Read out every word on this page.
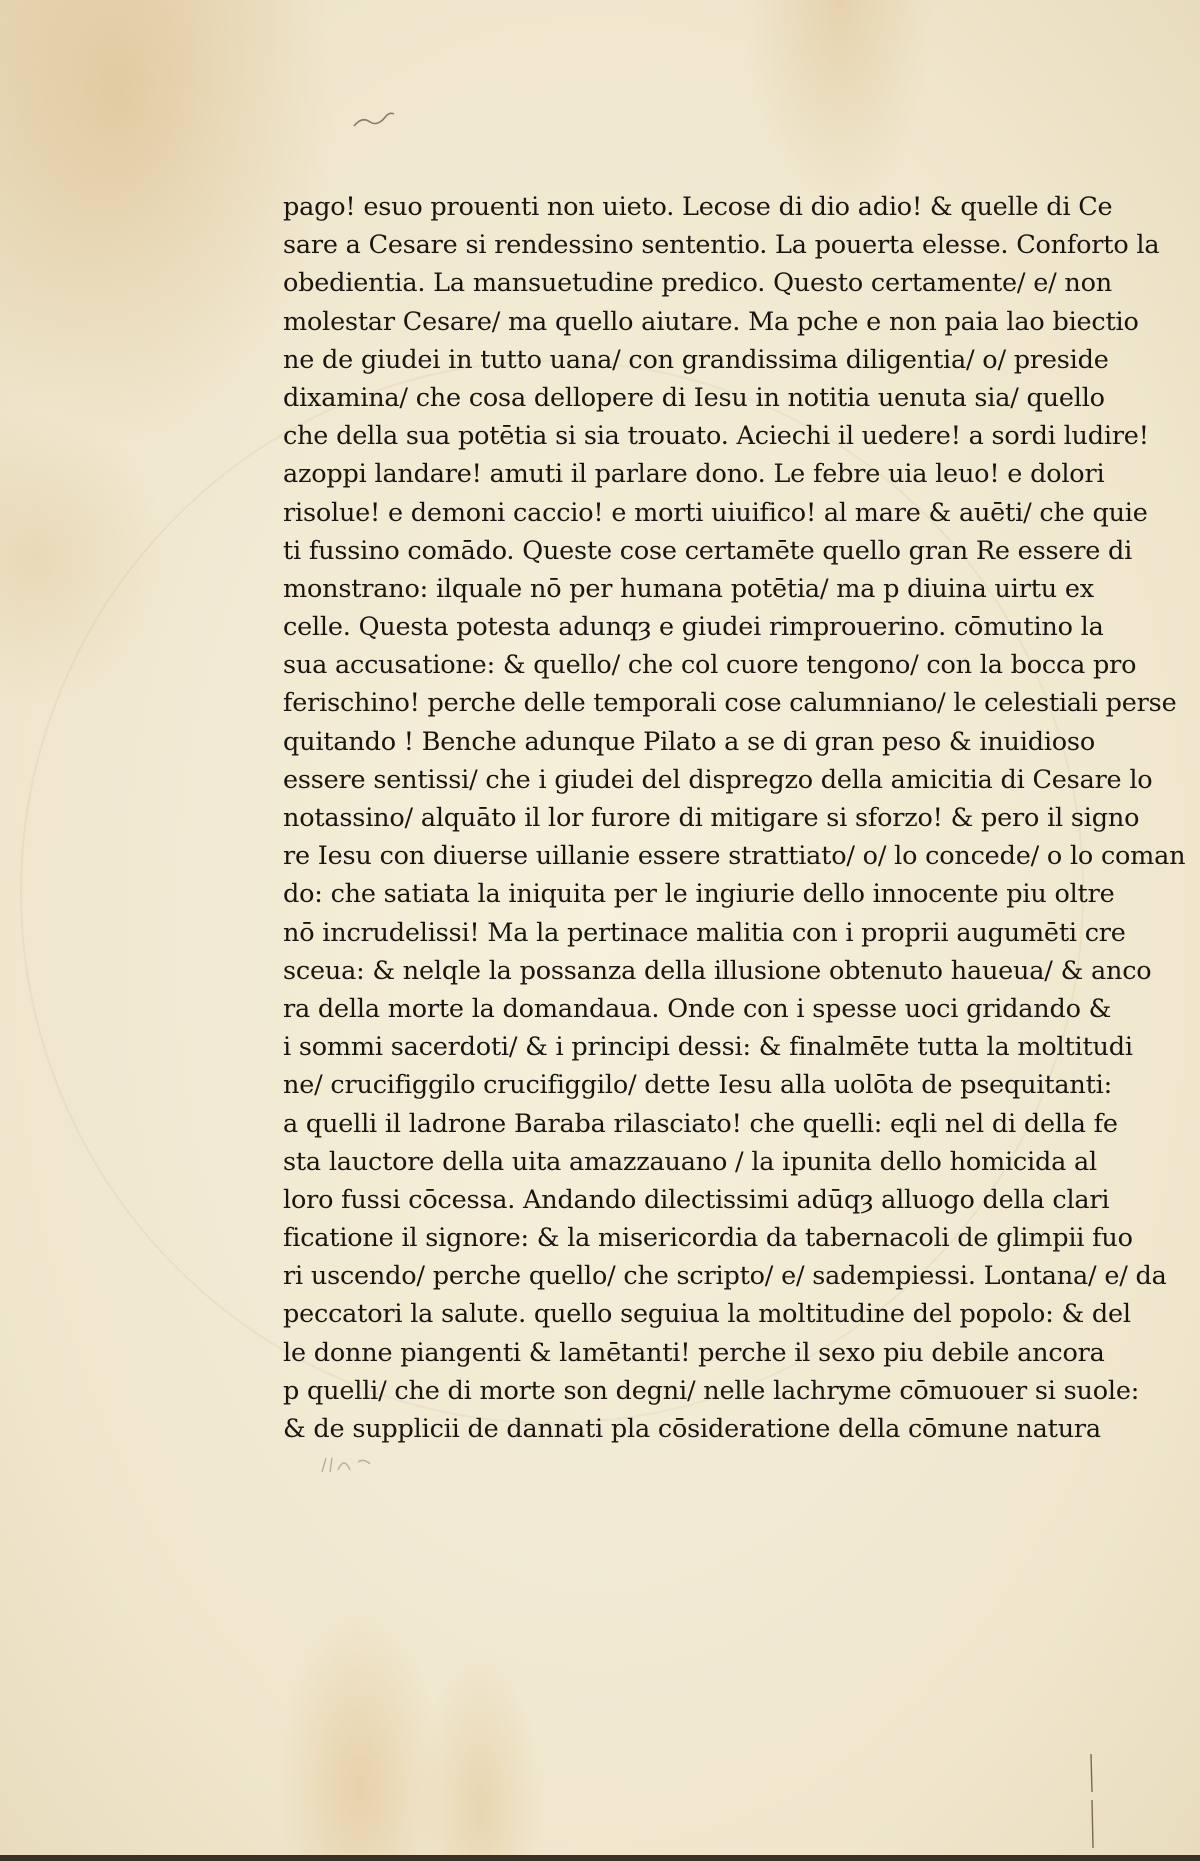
pago! esuo prouenti non uieto. Lecose di dio adio! & quelle di Ce
sare a Cesare si rendessino sententio. La pouerta elesse. Conforto la
obedientia. La mansuetudine predico. Questo certamente/ e/ non
molestar Cesare/ ma quello aiutare. Ma pche e non paia lao biectio
ne de giudei in tutto uana/ con grandissima diligentia/ o/ preside
dixamina/ che cosa dellopere di Iesu in notitia uenuta sia/ quello
che della sua potētia si sia trouato. Aciechi il uedere! a sordi ludire!
azoppi landare! amuti il parlare dono. Le febre uia leuo! e dolori
risolue! e demoni caccio! e morti uiuifico! al mare & auēti/ che quie
ti fussino comādo. Queste cose certamēte quello gran Re essere di
monstrano: ilquale nō per humana potētia/ ma p diuina uirtu ex
celle. Questa potesta adunqȝ e giudei rimprouerino. cōmutino la
sua accusatione: & quello/ che col cuore tengono/ con la bocca pro
ferischino! perche delle temporali cose calumniano/ le celestiali perse
quitando ! Benche adunque Pilato a se di gran peso & inuidioso
essere sentissi/ che i giudei del dispregzo della amicitia di Cesare lo
notassino/ alquāto il lor furore di mitigare si sforzo! & pero il signo
re Iesu con diuerse uillanie essere strattiato/ o/ lo concede/ o lo coman
do: che satiata la iniquita per le ingiurie dello innocente piu oltre
nō incrudelissi! Ma la pertinace malitia con i proprii augumēti cre
sceua: & nelqle la possanza della illusione obtenuto haueua/ & anco
ra della morte la domandaua. Onde con i spesse uoci gridando &
i sommi sacerdoti/ & i principi dessi: & finalmēte tutta la moltitudi
ne/ crucifiggilo crucifiggilo/ dette Iesu alla uolōta de psequitanti:
a quelli il ladrone Baraba rilasciato! che quelli: eqli nel di della fe
sta lauctore della uita amazzauano / la ipunita dello homicida al
loro fussi cōcessa. Andando dilectissimi adūqȝ alluogo della clari
ficatione il signore: & la misericordia da tabernacoli de glimpii fuo
ri uscendo/ perche quello/ che scripto/ e/ sadempiessi. Lontana/ e/ da
peccatori la salute. quello seguiua la moltitudine del popolo: & del
le donne piangenti & lamētanti! perche il sexo piu debile ancora
p quelli/ che di morte son degni/ nelle lachryme cōmuouer si suole:
& de supplicii de dannati pla cōsideratione della cōmune natura
